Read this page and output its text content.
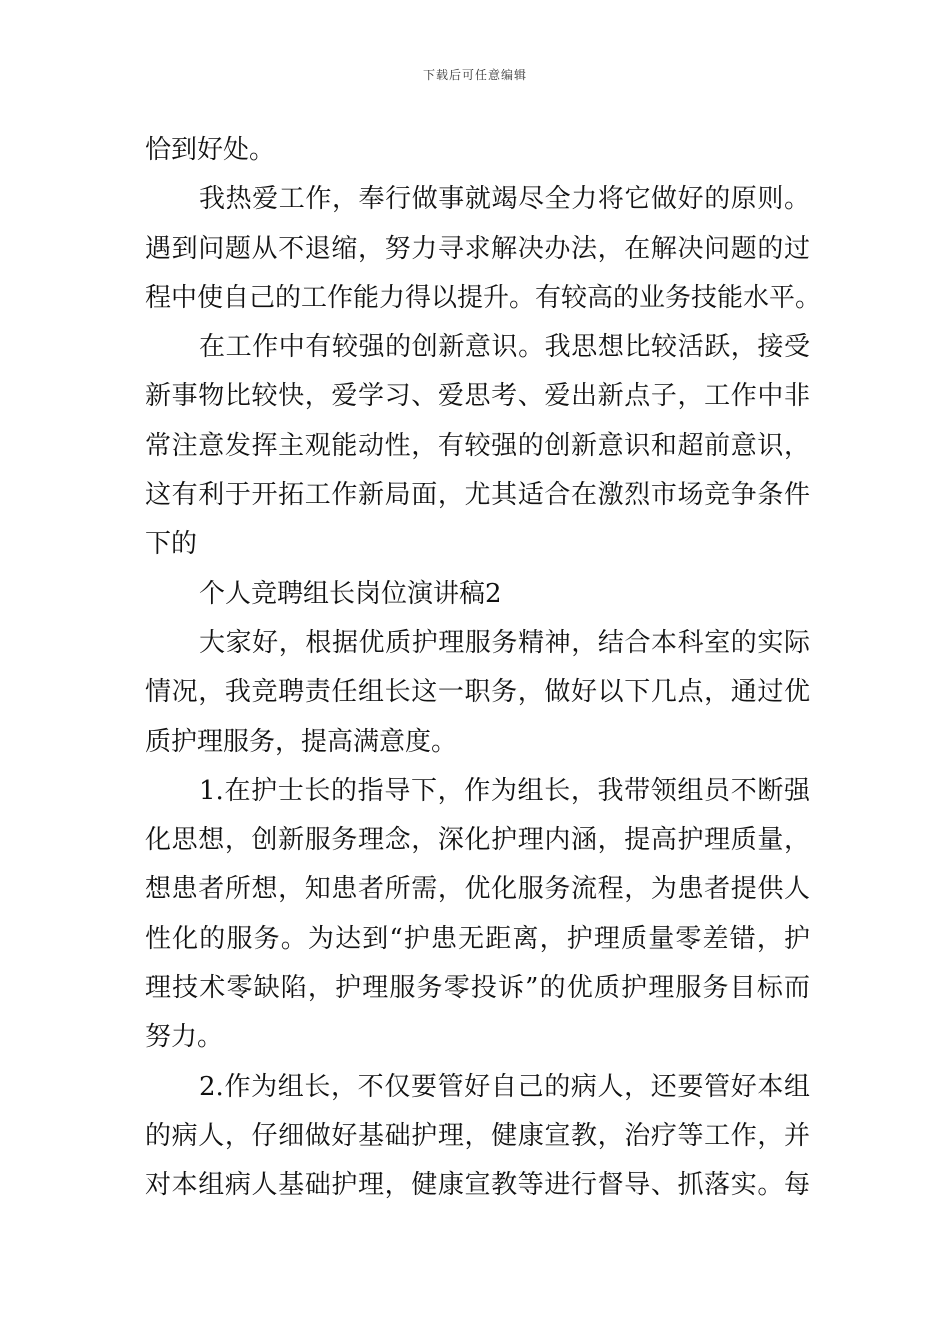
下载后可任意编辑
恰到好处。
我热爱工作，奉行做事就竭尽全力将它做好的原则。
遇到问题从不退缩，努力寻求解决办法，在解决问题的过
程中使自己的工作能力得以提升。有较高的业务技能水平。
在工作中有较强的创新意识。我思想比较活跃，接受
新事物比较快，爱学习、爱思考、爱出新点子，工作中非
常注意发挥主观能动性，有较强的创新意识和超前意识，
这有利于开拓工作新局面，尤其适合在激烈市场竞争条件
下的
个人竞聘组长岗位演讲稿2
大家好，根据优质护理服务精神，结合本科室的实际
情况，我竞聘责任组长这一职务，做好以下几点，通过优
质护理服务，提高满意度。
1.在护士长的指导下，作为组长，我带领组员不断强
化思想，创新服务理念，深化护理内涵，提高护理质量，
想患者所想，知患者所需，优化服务流程，为患者提供人
性化的服务。为达到“护患无距离，护理质量零差错，护
理技术零缺陷，护理服务零投诉”的优质护理服务目标而
努力。
2.作为组长，不仅要管好自己的病人，还要管好本组
的病人，仔细做好基础护理，健康宣教，治疗等工作，并
对本组病人基础护理，健康宣教等进行督导、抓落实。每
